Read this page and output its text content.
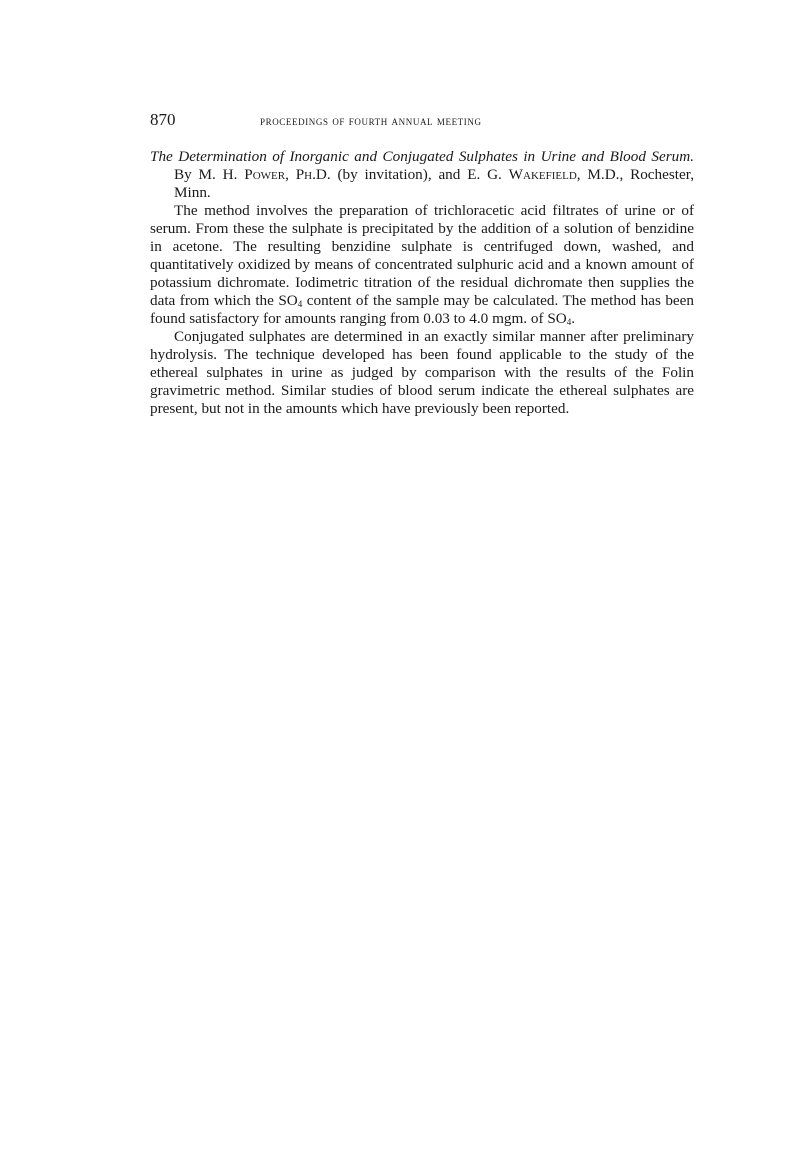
870	proceedings of fourth annual meeting
The Determination of Inorganic and Conjugated Sulphates in Urine and Blood Serum. By M. H. Power, Ph.D. (by invitation), and E. G. Wakefield, M.D., Rochester, Minn.

The method involves the preparation of trichloracetic acid filtrates of urine or of serum. From these the sulphate is precipitated by the addition of a solution of benzidine in acetone. The resulting benzidine sulphate is centrifuged down, washed, and quantitatively oxidized by means of concentrated sulphuric acid and a known amount of potassium dichromate. Iodimetric titration of the residual dichromate then supplies the data from which the $SO_4$ content of the sample may be calculated. The method has been found satisfactory for amounts ranging from 0.03 to 4.0 mgm. of $SO_4$.

Conjugated sulphates are determined in an exactly similar manner after preliminary hydrolysis. The technique developed has been found applicable to the study of the ethereal sulphates in urine as judged by comparison with the results of the Folin gravimetric method. Similar studies of blood serum indicate the ethereal sulphates are present, but not in the amounts which have previously been reported.
